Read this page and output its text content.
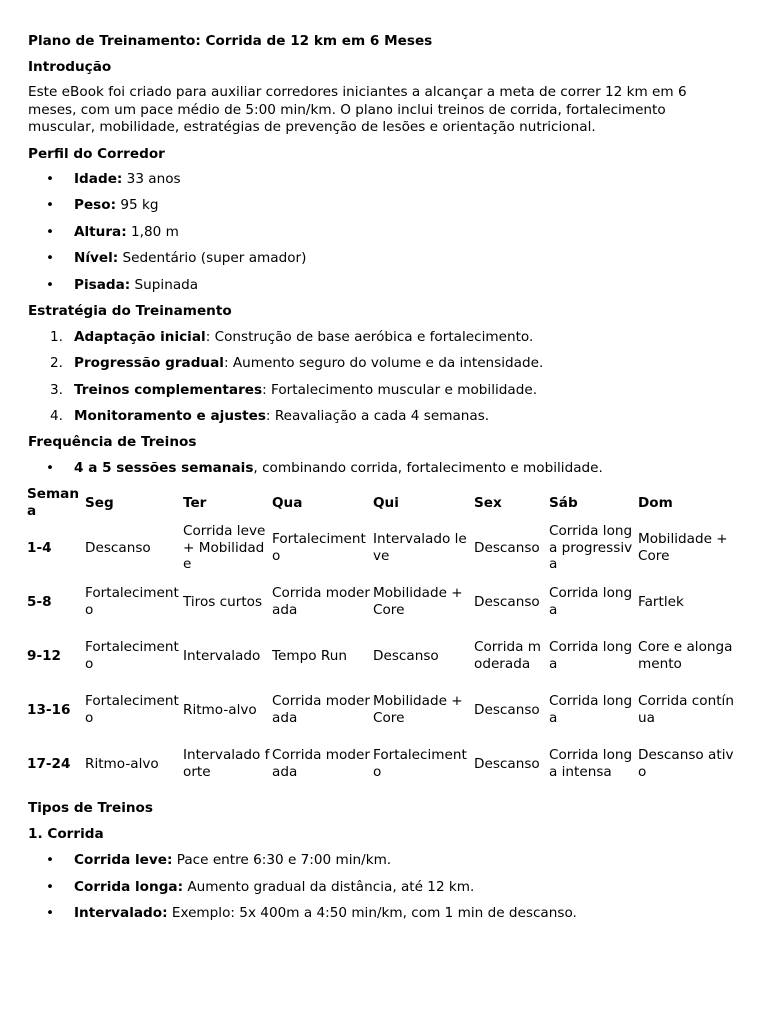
Plano de Treinamento: Corrida de 12 km em 6 Meses

Introdução

Este eBook foi criado para auxiliar corredores iniciantes a alcançar a meta de correr 12 km em 6 meses, com um pace médio de 5:00 min/km. O plano inclui treinos de corrida, fortalecimento muscular, mobilidade, estratégias de prevenção de lesões e orientação nutricional.

Perfil do Corredor

•	Idade: 33 anos
•	Peso: 95 kg
•	Altura: 1,80 m
•	Nível: Sedentário (super amador)
•	Pisada: Supinada

Estratégia do Treinamento

1. Adaptação inicial: Construção de base aeróbica e fortalecimento.
2. Progressão gradual: Aumento seguro do volume e da intensidade.
3. Treinos complementares: Fortalecimento muscular e mobilidade.
4. Monitoramento e ajustes: Reavaliação a cada 4 semanas.

Frequência de Treinos

•	4 a 5 sessões semanais, combinando corrida, fortalecimento e mobilidade.
Semana	Seg	Ter	Qua	Qui	Sex	Sáb	Dom
1-4	Descanso	Corrida leve + Mobilidade	Fortalecimento	Intervalado leve	Descanso	Corrida longa progressiva	Mobilidade + Core
5-8	Fortalecimento	Tiros curtos	Corrida moderada	Mobilidade + Core	Descanso	Corrida longa	Fartlek
9-12	Fortalecimento	Intervalado	Tempo Run	Descanso	Corrida moderada	Corrida longa	Core e alongamento
13-16	Fortalecimento	Ritmo-alvo	Corrida moderada	Mobilidade + Core	Descanso	Corrida longa	Corrida contínua
17-24	Ritmo-alvo	Intervalado forte	Corrida moderada	Fortalecimento	Descanso	Corrida longa intensa	Descanso ativo

Tipos de Treinos

1. Corrida

•	Corrida leve: Pace entre 6:30 e 7:00 min/km.
•	Corrida longa: Aumento gradual da distância, até 12 km.
•	Intervalado: Exemplo: 5x 400m a 4:50 min/km, com 1 min de descanso.
